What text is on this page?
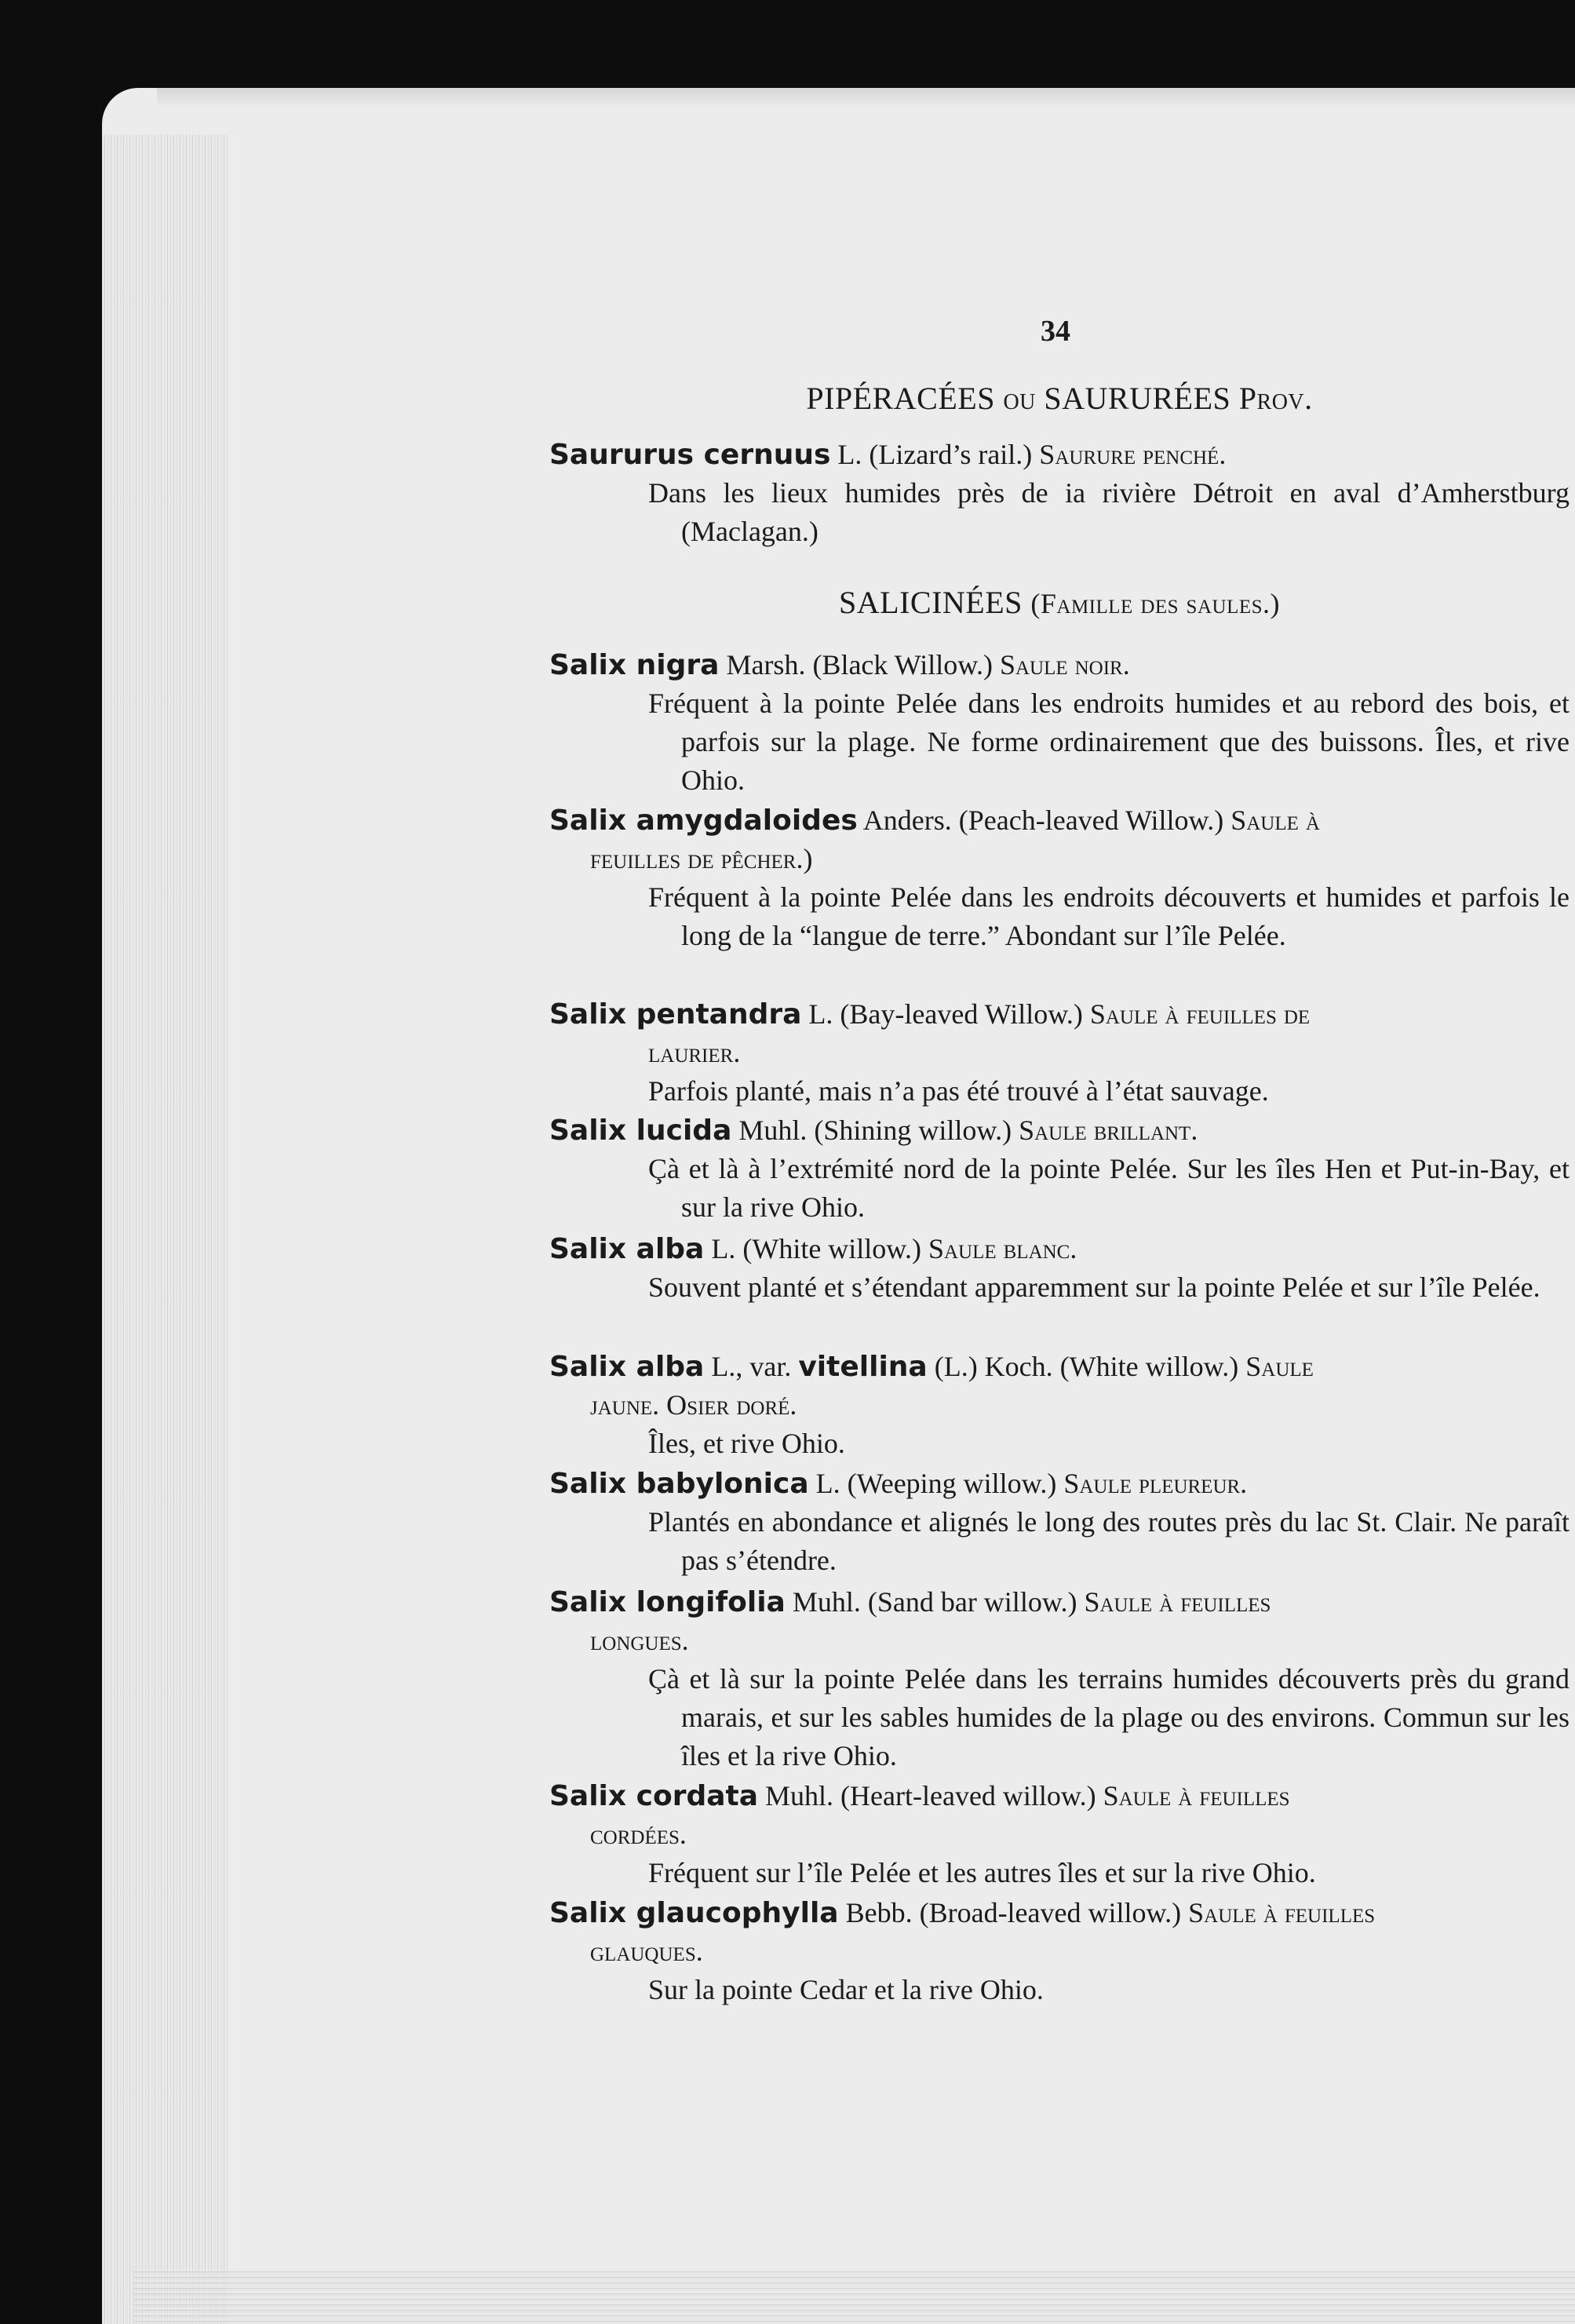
34
PIPÉRACÉES ou SAURURÉES Prov.
Saururus cernuus L. (Lizard’s rail.) Saurure penché.
Dans les lieux humides près de ia rivière Détroit en aval d’Amherstburg (Maclagan.)
SALICINÉES (Famille des saules.)
Salix nigra Marsh. (Black Willow.) Saule noir.
Fréquent à la pointe Pelée dans les endroits humides et au rebord des bois, et parfois sur la plage. Ne forme ordinairement que des buissons. Îles, et rive Ohio.
Salix amygdaloides Anders. (Peach-leaved Willow.) Saule à
feuilles de pêcher.)
Fréquent à la pointe Pelée dans les endroits découverts et humides et parfois le long de la “langue de terre.” Abondant sur l’île Pelée.
Salix pentandra L. (Bay-leaved Willow.) Saule à feuilles de
laurier.
Parfois planté, mais n’a pas été trouvé à l’état sauvage.
Salix lucida Muhl. (Shining willow.) Saule brillant.
Çà et là à l’extrémité nord de la pointe Pelée. Sur les îles Hen et Put-in-Bay, et sur la rive Ohio.
Salix alba L. (White willow.) Saule blanc.
Souvent planté et s’étendant apparemment sur la pointe Pelée et sur l’île Pelée.
Salix alba L., var. vitellina (L.) Koch. (White willow.) Saule
jaune. Osier doré.
Îles, et rive Ohio.
Salix babylonica L. (Weeping willow.) Saule pleureur.
Plantés en abondance et alignés le long des routes près du lac St. Clair. Ne paraît pas s’étendre.
Salix longifolia Muhl. (Sand bar willow.) Saule à feuilles
longues.
Çà et là sur la pointe Pelée dans les terrains humides découverts près du grand marais, et sur les sables humides de la plage ou des environs. Commun sur les îles et la rive Ohio.
Salix cordata Muhl. (Heart-leaved willow.) Saule à feuilles
cordées.
Fréquent sur l’île Pelée et les autres îles et sur la rive Ohio.
Salix glaucophylla Bebb. (Broad-leaved willow.) Saule à feuilles
glauques.
Sur la pointe Cedar et la rive Ohio.
